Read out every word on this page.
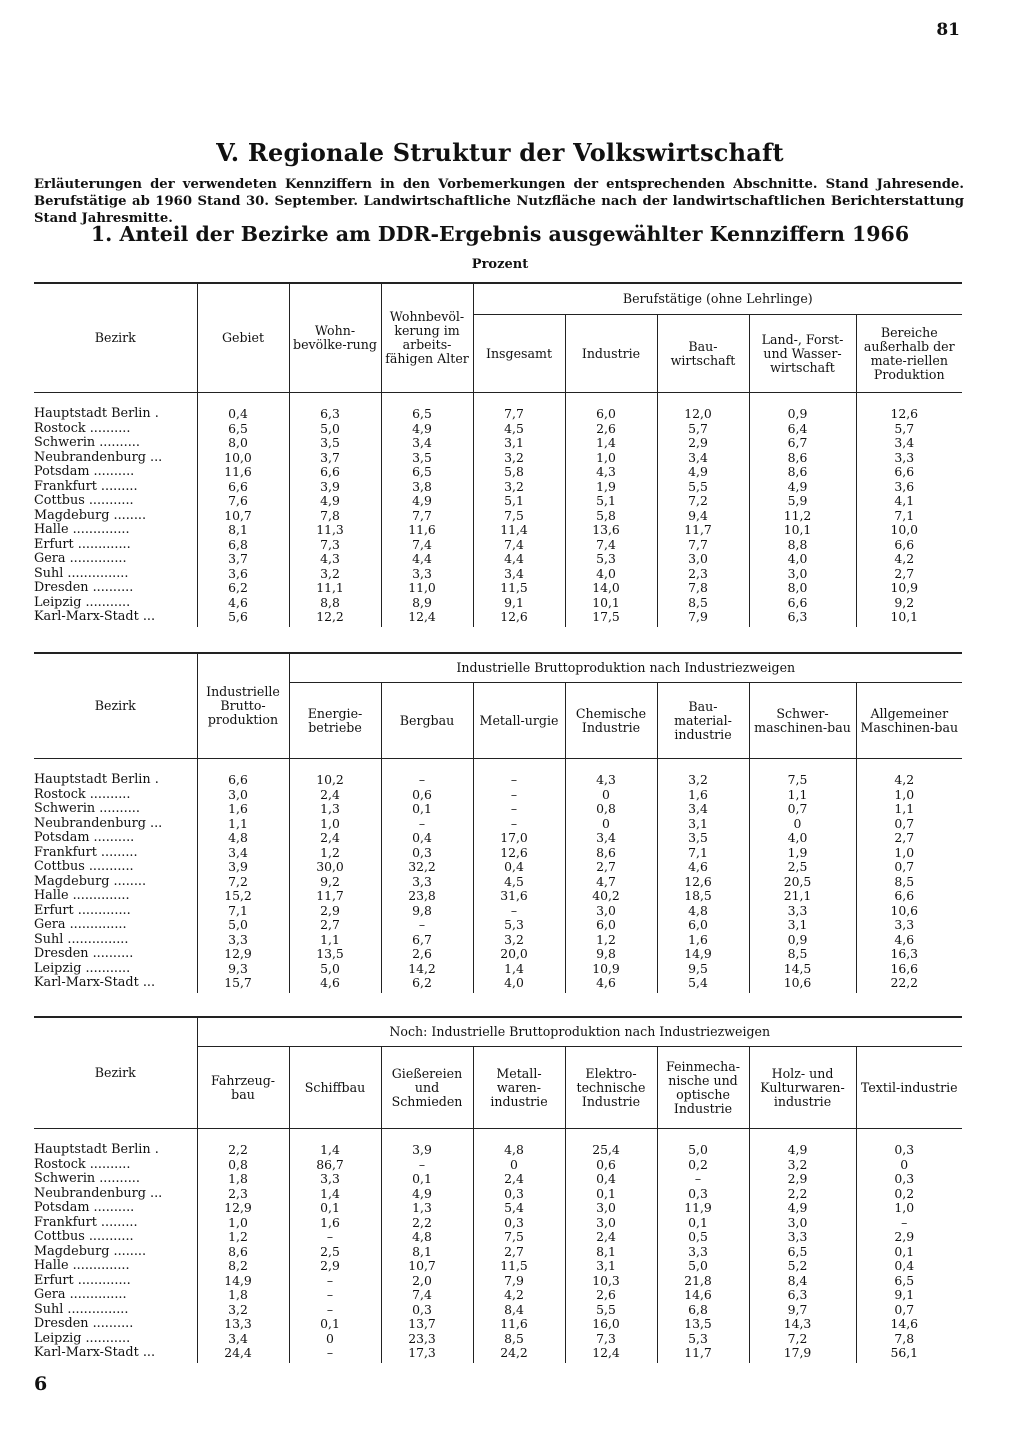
81
V. Regionale Struktur der Volkswirtschaft
Erläuterungen der verwendeten Kennziffern in den Vorbemerkungen der entsprechenden Abschnitte. Stand Jahresende. Berufstätige ab 1960 Stand 30. September. Landwirtschaftliche Nutzfläche nach der landwirtschaftlichen Berichterstattung Stand Jahresmitte.
1. Anteil der Bezirke am DDR-Ergebnis ausgewählter Kennziffern 1966
Prozent
Bezirk	Gebiet	Wohn-bevölke-rung	Wohnbevöl-kerung im arbeits-fähigen Alter	Berufstätige (ohne Lehrlinge)				
				Insgesamt	Industrie	Bau-wirtschaft	Land-, Forst- und Wasser-wirtschaft	Bereiche außerhalb der mate-riellen Produktion
Hauptstadt Berlin .	0,4	6,3	6,5	7,7	6,0	12,0	0,9	12,6
Rostock ..........	6,5	5,0	4,9	4,5	2,6	5,7	6,4	5,7
Schwerin ..........	8,0	3,5	3,4	3,1	1,4	2,9	6,7	3,4
Neubrandenburg ...	10,0	3,7	3,5	3,2	1,0	3,4	8,6	3,3
Potsdam ..........	11,6	6,6	6,5	5,8	4,3	4,9	8,6	6,6
Frankfurt .........	6,6	3,9	3,8	3,2	1,9	5,5	4,9	3,6
Cottbus ...........	7,6	4,9	4,9	5,1	5,1	7,2	5,9	4,1
Magdeburg ........	10,7	7,8	7,7	7,5	5,8	9,4	11,2	7,1
Halle ..............	8,1	11,3	11,6	11,4	13,6	11,7	10,1	10,0
Erfurt .............	6,8	7,3	7,4	7,4	7,4	7,7	8,8	6,6
Gera ..............	3,7	4,3	4,4	4,4	5,3	3,0	4,0	4,2
Suhl ...............	3,6	3,2	3,3	3,4	4,0	2,3	3,0	2,7
Dresden ..........	6,2	11,1	11,0	11,5	14,0	7,8	8,0	10,9
Leipzig ...........	4,6	8,8	8,9	9,1	10,1	8,5	6,6	9,2
Karl-Marx-Stadt ...	5,6	12,2	12,4	12,6	17,5	7,9	6,3	10,1
Bezirk	Industrielle Brutto-produktion	Industrielle Bruttoproduktion nach Industriezweigen						
		Energie-betriebe	Bergbau	Metall-urgie	Chemische Industrie	Bau-material-industrie	Schwer-maschinen-bau	Allgemeiner Maschinen-bau
Hauptstadt Berlin .	6,6	10,2	–	–	4,3	3,2	7,5	4,2
Rostock ..........	3,0	2,4	0,6	–	0	1,6	1,1	1,0
Schwerin ..........	1,6	1,3	0,1	–	0,8	3,4	0,7	1,1
Neubrandenburg ...	1,1	1,0	–	–	0	3,1	0	0,7
Potsdam ..........	4,8	2,4	0,4	17,0	3,4	3,5	4,0	2,7
Frankfurt .........	3,4	1,2	0,3	12,6	8,6	7,1	1,9	1,0
Cottbus ...........	3,9	30,0	32,2	0,4	2,7	4,6	2,5	0,7
Magdeburg ........	7,2	9,2	3,3	4,5	4,7	12,6	20,5	8,5
Halle ..............	15,2	11,7	23,8	31,6	40,2	18,5	21,1	6,6
Erfurt .............	7,1	2,9	9,8	–	3,0	4,8	3,3	10,6
Gera ..............	5,0	2,7	–	5,3	6,0	6,0	3,1	3,3
Suhl ...............	3,3	1,1	6,7	3,2	1,2	1,6	0,9	4,6
Dresden ..........	12,9	13,5	2,6	20,0	9,8	14,9	8,5	16,3
Leipzig ...........	9,3	5,0	14,2	1,4	10,9	9,5	14,5	16,6
Karl-Marx-Stadt ...	15,7	4,6	6,2	4,0	4,6	5,4	10,6	22,2
Bezirk	Noch: Industrielle Bruttoproduktion nach Industriezweigen							
	Fahrzeug-bau	Schiffbau	Gießereien und Schmieden	Metall-waren-industrie	Elektro-technische Industrie	Feinmecha-nische und optische Industrie	Holz- und Kulturwaren-industrie	Textil-industrie
Hauptstadt Berlin .	2,2	1,4	3,9	4,8	25,4	5,0	4,9	0,3
Rostock ..........	0,8	86,7	–	0	0,6	0,2	3,2	0
Schwerin ..........	1,8	3,3	0,1	2,4	0,4	–	2,9	0,3
Neubrandenburg ...	2,3	1,4	4,9	0,3	0,1	0,3	2,2	0,2
Potsdam ..........	12,9	0,1	1,3	5,4	3,0	11,9	4,9	1,0
Frankfurt .........	1,0	1,6	2,2	0,3	3,0	0,1	3,0	–
Cottbus ...........	1,2	–	4,8	7,5	2,4	0,5	3,3	2,9
Magdeburg ........	8,6	2,5	8,1	2,7	8,1	3,3	6,5	0,1
Halle ..............	8,2	2,9	10,7	11,5	3,1	5,0	5,2	0,4
Erfurt .............	14,9	–	2,0	7,9	10,3	21,8	8,4	6,5
Gera ..............	1,8	–	7,4	4,2	2,6	14,6	6,3	9,1
Suhl ...............	3,2	–	0,3	8,4	5,5	6,8	9,7	0,7
Dresden ..........	13,3	0,1	13,7	11,6	16,0	13,5	14,3	14,6
Leipzig ...........	3,4	0	23,3	8,5	7,3	5,3	7,2	7,8
Karl-Marx-Stadt ...	24,4	–	17,3	24,2	12,4	11,7	17,9	56,1
6
